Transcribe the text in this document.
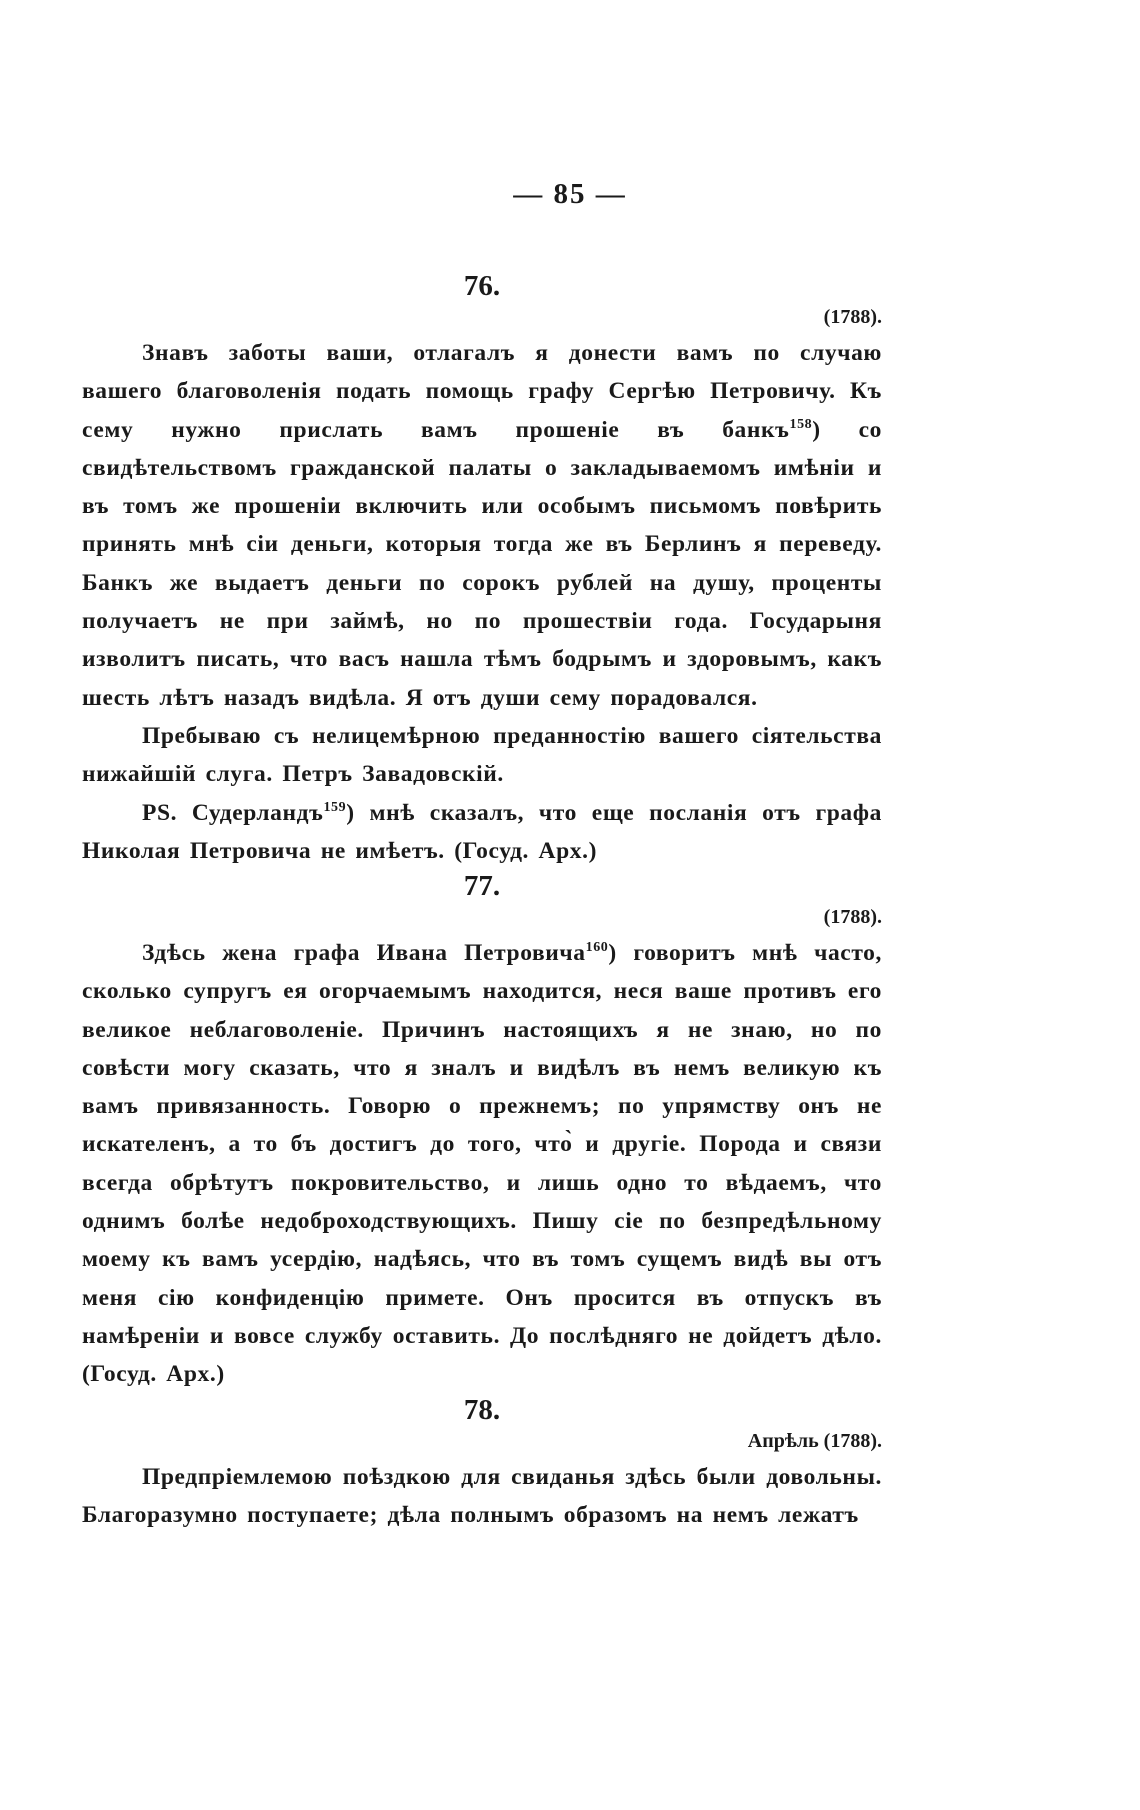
— 85 —
76.
(1788).

Знавъ заботы ваши, отлагалъ я донести вамъ по случаю вашего благоволенія подать помощь графу Сергѣю Петровичу. Къ сему нужно прислать вамъ прошеніе въ банкъ$^{158}$) со свидѣтельствомъ гражданской палаты о закладываемомъ имѣніи и въ томъ же прошеніи включить или особымъ письмомъ повѣрить принять мнѣ сіи деньги, которыя тогда же въ Берлинъ я переведу. Банкъ же выдаетъ деньги по сорокъ рублей на душу, проценты получаетъ не при займѣ, но по прошествіи года. Государыня изволитъ писать, что васъ нашла тѣмъ бодрымъ и здоровымъ, какъ шесть лѣтъ назадъ видѣла. Я отъ души сему порадовался.

Пребываю съ нелицемѣрною преданностію вашего сіятельства нижайшій слуга. Петръ Завадовскій.

PS. Судерландъ$^{159}$) мнѣ сказалъ, что еще посланія отъ графа Николая Петровича не имѣетъ. (Госуд. Арх.)

77.
(1788).

Здѣсь жена графа Ивана Петровича$^{160}$) говоритъ мнѣ часто, сколько супругъ ея огорчаемымъ находится, неся ваше противъ его великое неблаговоленіе. Причинъ настоящихъ я не знаю, но по совѣсти могу сказать, что я зналъ и видѣлъ въ немъ великую къ вамъ привязанность. Говорю о прежнемъ; по упрямству онъ не искателенъ, а то бъ достигъ до того, что̀ и другіе. Порода и связи всегда обрѣтутъ покровительство, и лишь одно то вѣдаемъ, что однимъ болѣе недоброходствующихъ. Пишу сіе по безпредѣльному моему къ вамъ усердію, надѣясь, что въ томъ сущемъ видѣ вы отъ меня сію конфиденцію примете. Онъ просится въ отпускъ въ намѣреніи и вовсе службу оставить. До послѣдняго не дойдетъ дѣло. (Госуд. Арх.)

78.
Апрѣль (1788).

Предпріемлемою поѣздкою для свиданья здѣсь были довольны. Благоразумно поступаете; дѣла полнымъ образомъ на немъ лежатъ
